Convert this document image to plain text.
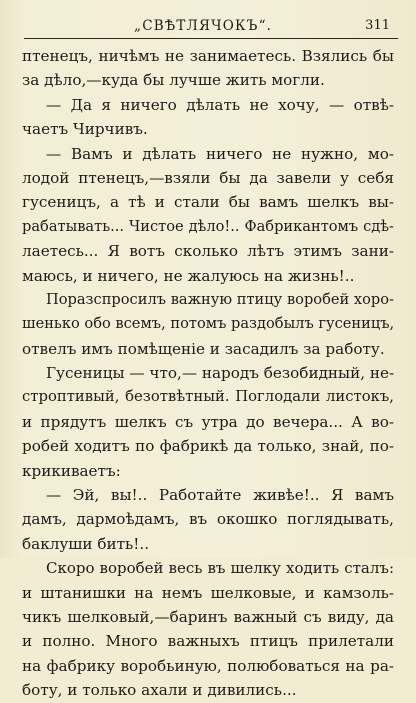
„СВѢТЛЯЧОКЪ“.	311
птенецъ, ничѣмъ не занимаетесь. Взялись бы
за дѣло,—куда бы лучше жить могли.
— Да я ничего дѣлать не хочу, — отвѣ-
чаетъ Чирчивъ.
— Вамъ и дѣлать ничего не нужно, мо-
лодой птенецъ,—взяли бы да завели у себя
гусеницъ, а тѣ и стали бы вамъ шелкъ вы-
рабатывать... Чистое дѣло!.. Фабрикантомъ сдѣ-
лаетесь... Я вотъ сколько лѣтъ этимъ зани-
маюсь, и ничего, не жалуюсь на жизнь!..
Поразспросилъ важную птицу воробей хоро-
шенько обо всемъ, потомъ раздобылъ гусеницъ,
отвелъ имъ помѣщеніе и засадилъ за работу.
Гусеницы — что,— народъ безобидный, не-
строптивый, безотвѣтный. Поглодали листокъ,
и прядутъ шелкъ съ утра до вечера... А во-
робей ходитъ по фабрикѣ да только, знай, по-
крикиваетъ:
— Эй, вы!.. Работайте живѣе!.. Я вамъ
дамъ, дармоѣдамъ, въ окошко поглядывать,
баклуши бить!..
Скоро воробей весь въ шелку ходить сталъ:
и штанишки на немъ шелковые, и камзоль-
чикъ шелковый,—баринъ важный съ виду, да
и полно. Много важныхъ птицъ прилетали
на фабрику воробьиную, полюбоваться на ра-
боту, и только ахали и дивились...
